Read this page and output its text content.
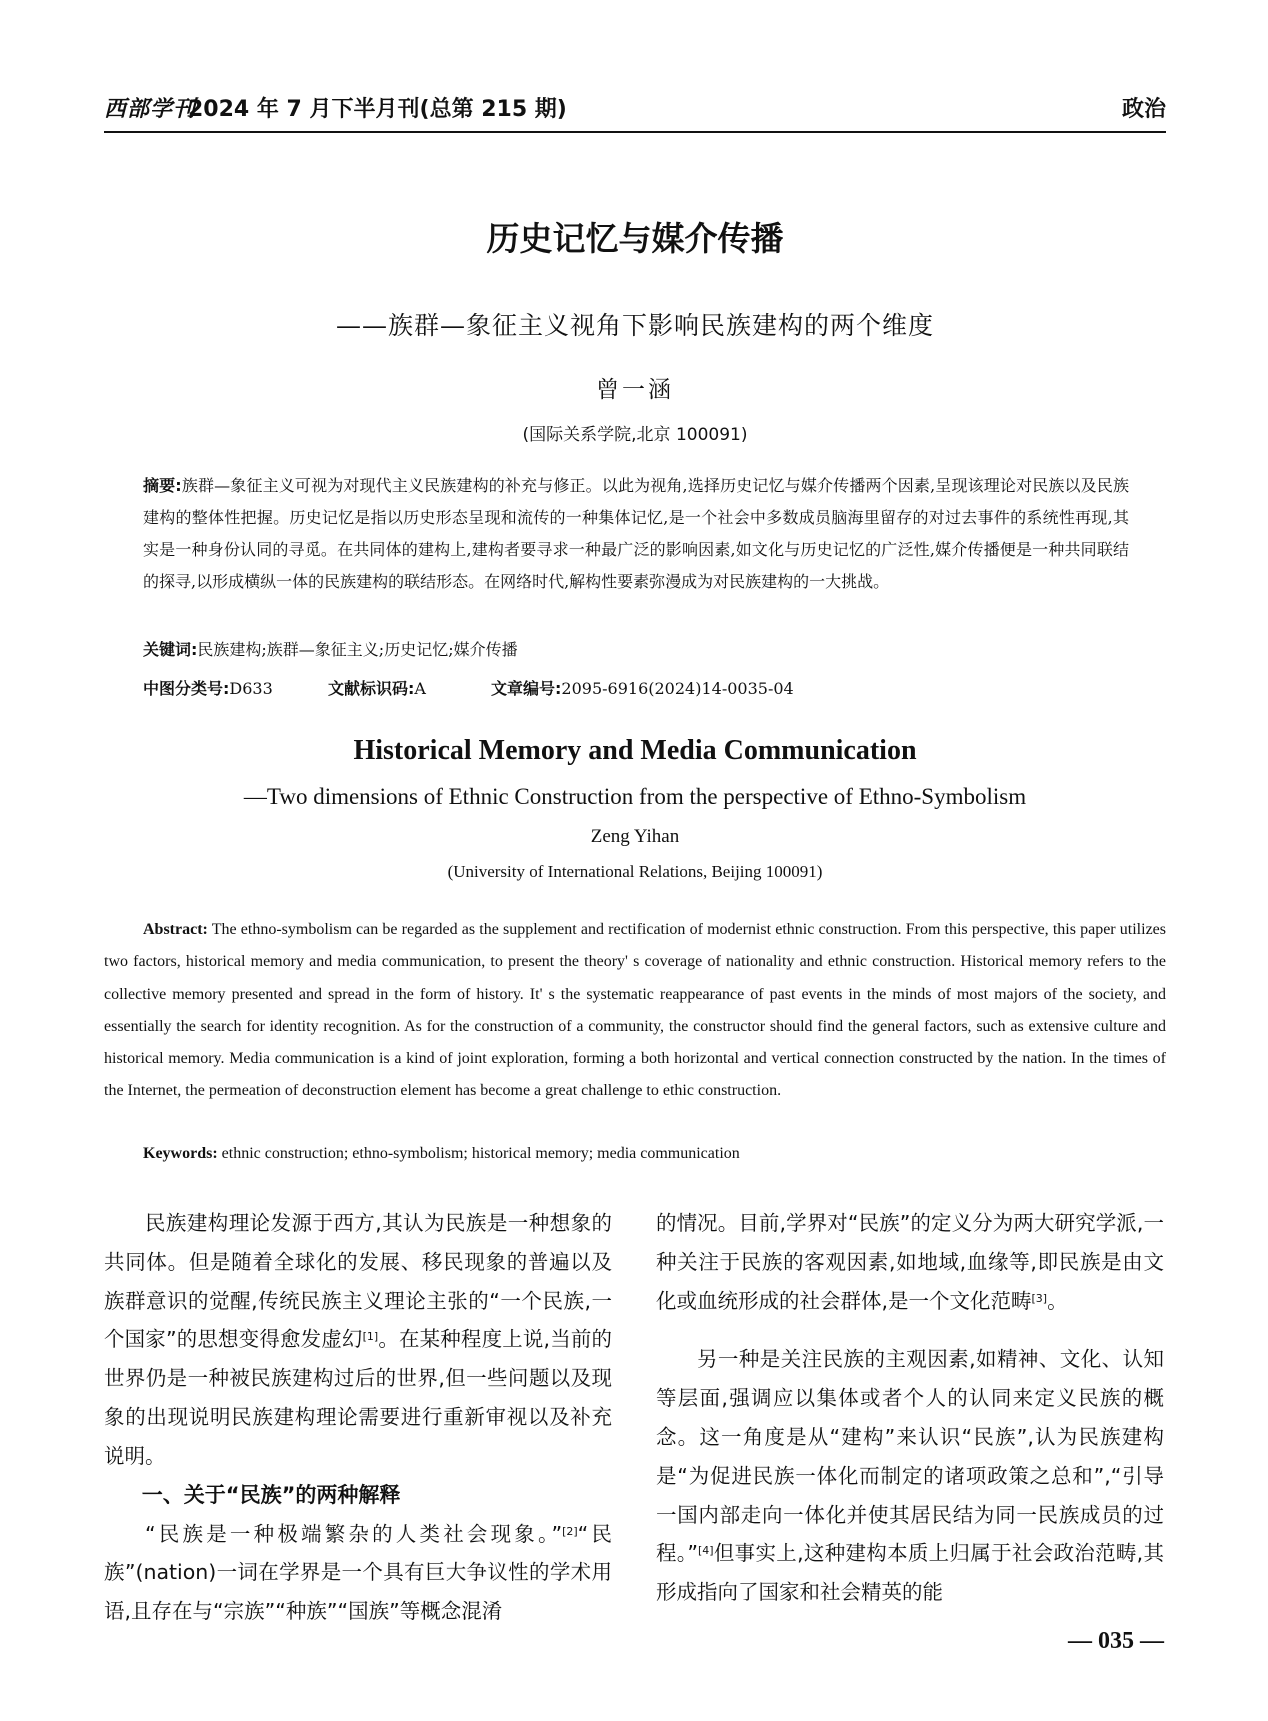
西部学刊
2024 年 7 月下半月刊(总第 215 期)	政治
历史记忆与媒介传播
——族群—象征主义视角下影响民族建构的两个维度
曾一涵
(国际关系学院,北京 100091)
摘要:族群—象征主义可视为对现代主义民族建构的补充与修正。以此为视角,选择历史记忆与媒介传播两个因素,呈现该理论对民族以及民族建构的整体性把握。历史记忆是指以历史形态呈现和流传的一种集体记忆,是一个社会中多数成员脑海里留存的对过去事件的系统性再现,其实是一种身份认同的寻觅。在共同体的建构上,建构者要寻求一种最广泛的影响因素,如文化与历史记忆的广泛性,媒介传播便是一种共同联结的探寻,以形成横纵一体的民族建构的联结形态。在网络时代,解构性要素弥漫成为对民族建构的一大挑战。
关键词:民族建构;族群—象征主义;历史记忆;媒介传播
中图分类号:D633	文献标识码:A	文章编号:2095-6916(2024)14-0035-04
Historical Memory and Media Communication
—Two dimensions of Ethnic Construction from the perspective of Ethno-Symbolism
Zeng Yihan
(University of International Relations, Beijing 100091)
Abstract: The ethno-symbolism can be regarded as the supplement and rectification of modernist ethnic construction. From this perspective, this paper utilizes two factors, historical memory and media communication, to present the theory' s coverage of nationality and ethnic construction. Historical memory refers to the collective memory presented and spread in the form of history. It' s the systematic reappearance of past events in the minds of most majors of the society, and essentially the search for identity recognition. As for the construction of a community, the constructor should find the general factors, such as extensive culture and historical memory. Media communication is a kind of joint exploration, forming a both horizontal and vertical connection constructed by the nation. In the times of the Internet, the permeation of deconstruction element has become a great challenge to ethic construction.
Keywords: ethnic construction; ethno-symbolism; historical memory; media communication

民族建构理论发源于西方,其认为民族是一种想象的共同体。但是随着全球化的发展、移民现象的普遍以及族群意识的觉醒,传统民族主义理论主张的“一个民族,一个国家”的思想变得愈发虚幻[1]。在某种程度上说,当前的世界仍是一种被民族建构过后的世界,但一些问题以及现象的出现说明民族建构理论需要进行重新审视以及补充说明。

一、关于“民族”的两种解释

“民族是一种极端繁杂的人类社会现象。”[2]“民族”(nation)一词在学界是一个具有巨大争议性的学术用语,且存在与“宗族”“种族”“国族”等概念混淆

的情况。目前,学界对“民族”的定义分为两大研究学派,一种关注于民族的客观因素,如地域,血缘等,即民族是由文化或血统形成的社会群体,是一个文化范畴[3]。

另一种是关注民族的主观因素,如精神、文化、认知等层面,强调应以集体或者个人的认同来定义民族的概念。这一角度是从“建构”来认识“民族”,认为民族建构是“为促进民族一体化而制定的诸项政策之总和”,“引导一国内部走向一体化并使其居民结为同一民族成员的过程。”[4]但事实上,这种建构本质上归属于社会政治范畴,其形成指向了国家和社会精英的能

— 035 —
